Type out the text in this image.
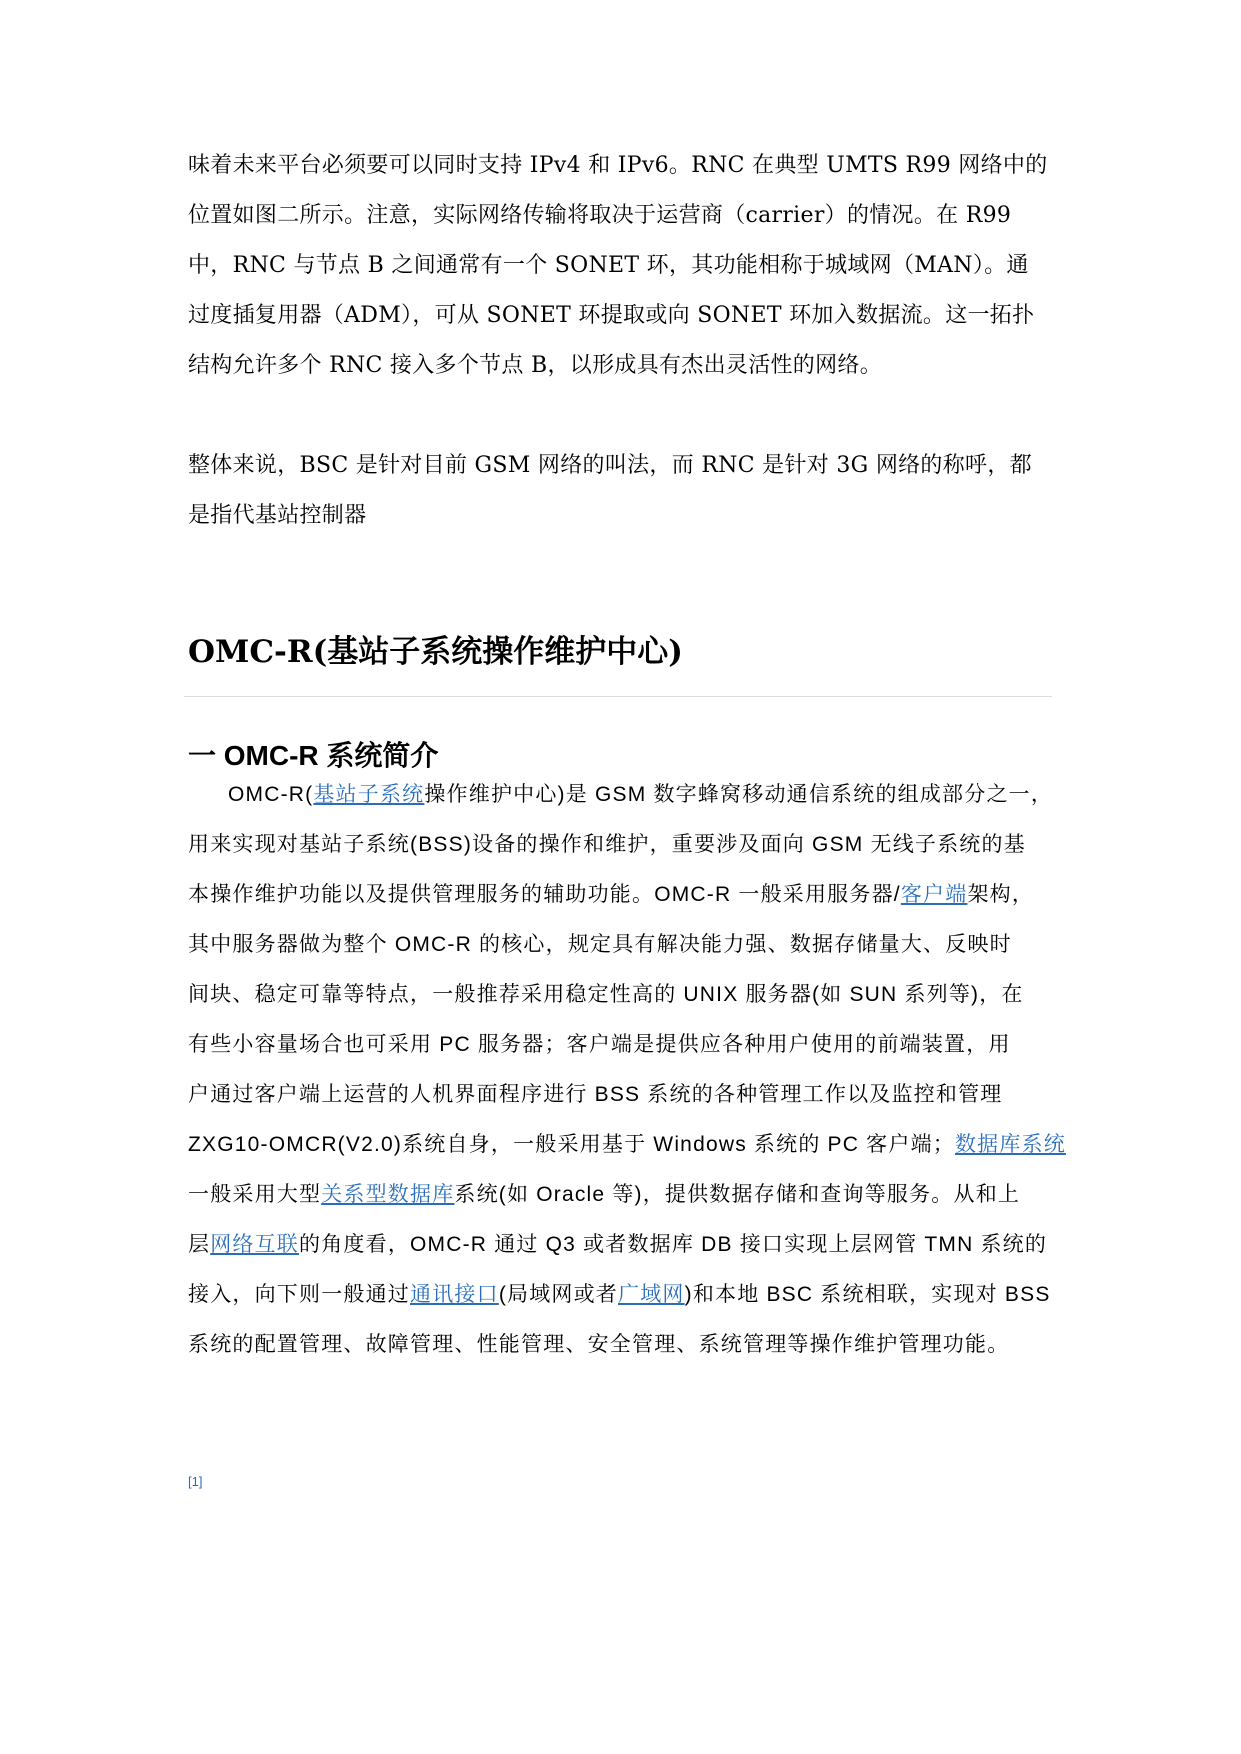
味着未来平台必须要可以同时支持 IPv4 和 IPv6。RNC 在典型 UMTS R99 网络中的
位置如图二所示。注意，实际网络传输将取决于运营商（carrier）的情况。在 R99
中，RNC 与节点 B 之间通常有一个 SONET 环，其功能相称于城域网（MAN）。通
过度插复用器（ADM），可从 SONET 环提取或向 SONET 环加入数据流。这一拓扑
结构允许多个 RNC 接入多个节点 B，以形成具有杰出灵活性的网络。
整体来说，BSC 是针对目前 GSM 网络的叫法，而 RNC 是针对 3G 网络的称呼，都
是指代基站控制器
OMC-R(基站子系统操作维护中心)
一 OMC-R 系统简介
OMC-R(基站子系统操作维护中心)是 GSM 数字蜂窝移动通信系统的组成部分之一，
用来实现对基站子系统(BSS)设备的操作和维护，重要涉及面向 GSM 无线子系统的基
本操作维护功能以及提供管理服务的辅助功能。OMC-R 一般采用服务器/客户端架构，
其中服务器做为整个 OMC-R 的核心，规定具有解决能力强、数据存储量大、反映时
间块、稳定可靠等特点，一般推荐采用稳定性高的 UNIX 服务器(如 SUN 系列等)，在
有些小容量场合也可采用 PC 服务器；客户端是提供应各种用户使用的前端装置，用
户通过客户端上运营的人机界面程序进行 BSS 系统的各种管理工作以及监控和管理
ZXG10-OMCR(V2.0)系统自身，一般采用基于 Windows 系统的 PC 客户端；数据库系统
一般采用大型关系型数据库系统(如 Oracle 等)，提供数据存储和查询等服务。从和上
层网络互联的角度看，OMC-R 通过 Q3 或者数据库 DB 接口实现上层网管 TMN 系统的
接入，向下则一般通过通讯接口(局域网或者广域网)和本地 BSC 系统相联，实现对 BSS
系统的配置管理、故障管理、性能管理、安全管理、系统管理等操作维护管理功能。
[1]
